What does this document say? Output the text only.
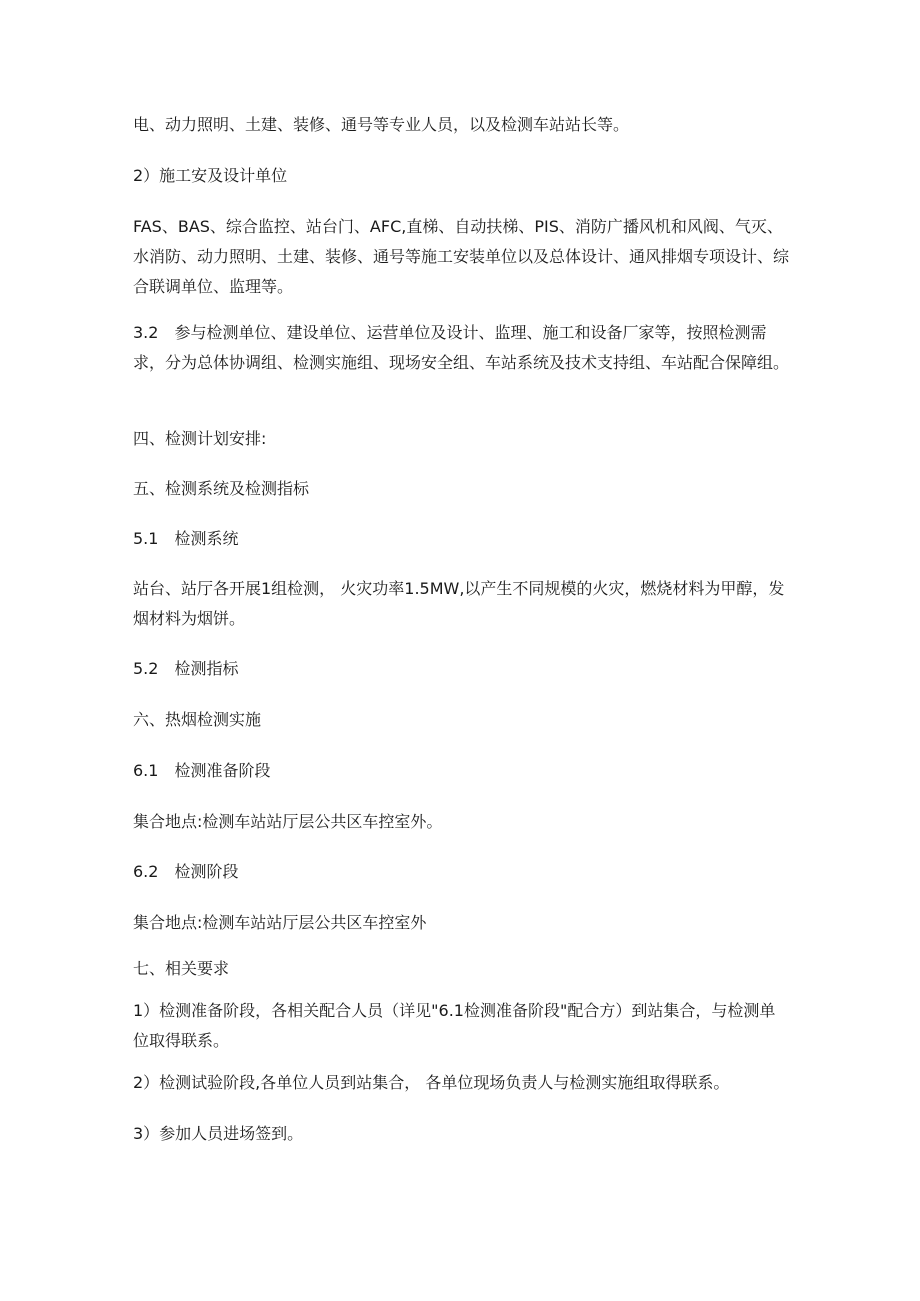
电、动力照明、土建、装修、通号等专业人员，以及检测车站站长等。

2）施工安及设计单位

FAS、BAS、综合监控、站台门、AFC,直梯、自动扶梯、PIS、消防广播风机和风阀、气灭、水消防、动力照明、土建、装修、通号等施工安装单位以及总体设计、通风排烟专项设计、综合联调单位、监理等。

3.2　参与检测单位、建设单位、运营单位及设计、监理、施工和设备厂家等，按照检测需求，分为总体协调组、检测实施组、现场安全组、车站系统及技术支持组、车站配合保障组。

四、检测计划安排:

五、检测系统及检测指标

5.1　检测系统

站台、站厅各开展1组检测， 火灾功率1.5MW,以产生不同规模的火灾，燃烧材料为甲醇，发烟材料为烟饼。

5.2　检测指标

六、热烟检测实施

6.1　检测准备阶段

集合地点:检测车站站厅层公共区车控室外。

6.2　检测阶段

集合地点:检测车站站厅层公共区车控室外

七、相关要求

1）检测准备阶段，各相关配合人员（详见"6.1检测准备阶段"配合方）到站集合，与检测单位取得联系。

2）检测试验阶段,各单位人员到站集合， 各单位现场负责人与检测实施组取得联系。

3）参加人员进场签到。
